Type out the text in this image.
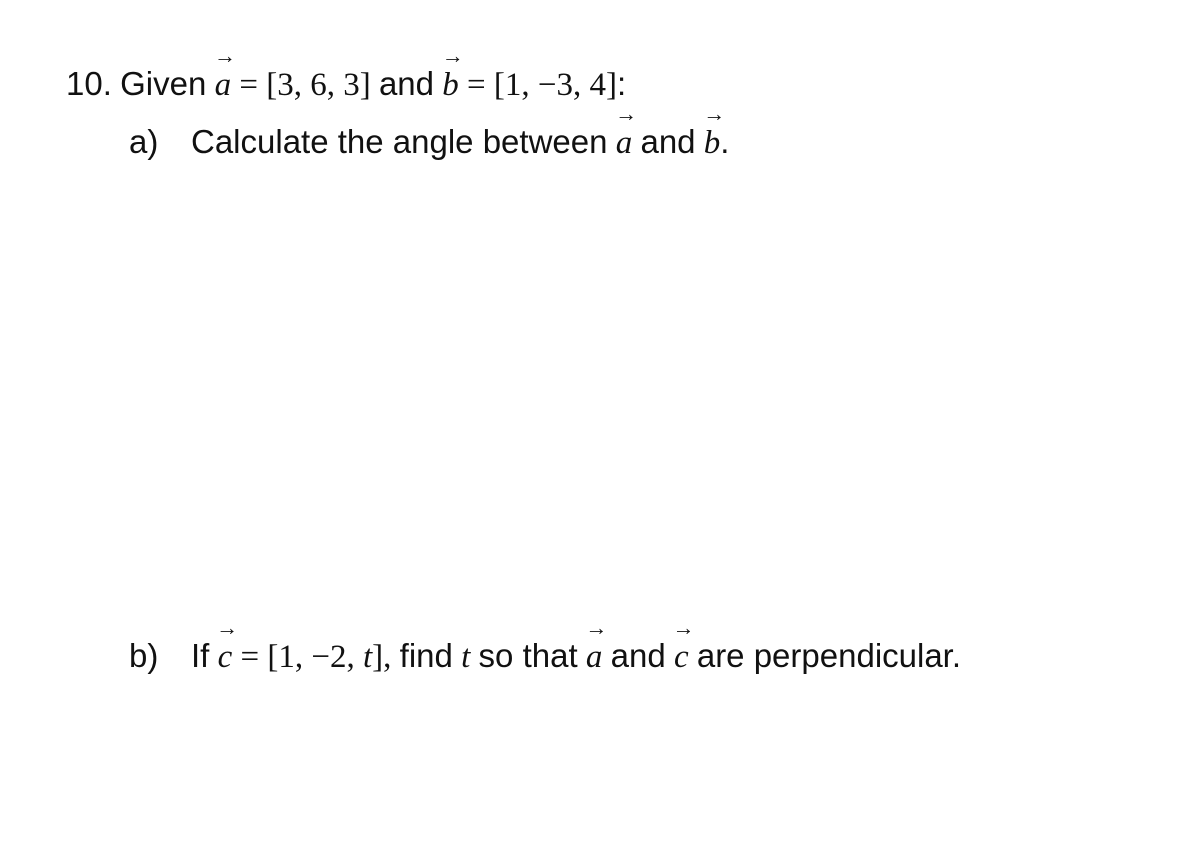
10. Given a
→
= [3, 6, 3] and b
→
= [1, −3, 4]:
a) Calculate the angle between a
→
and b
→
.
b) If c
→
= [1, −2, t], find t so that a
→
and c
→
are perpendicular.
